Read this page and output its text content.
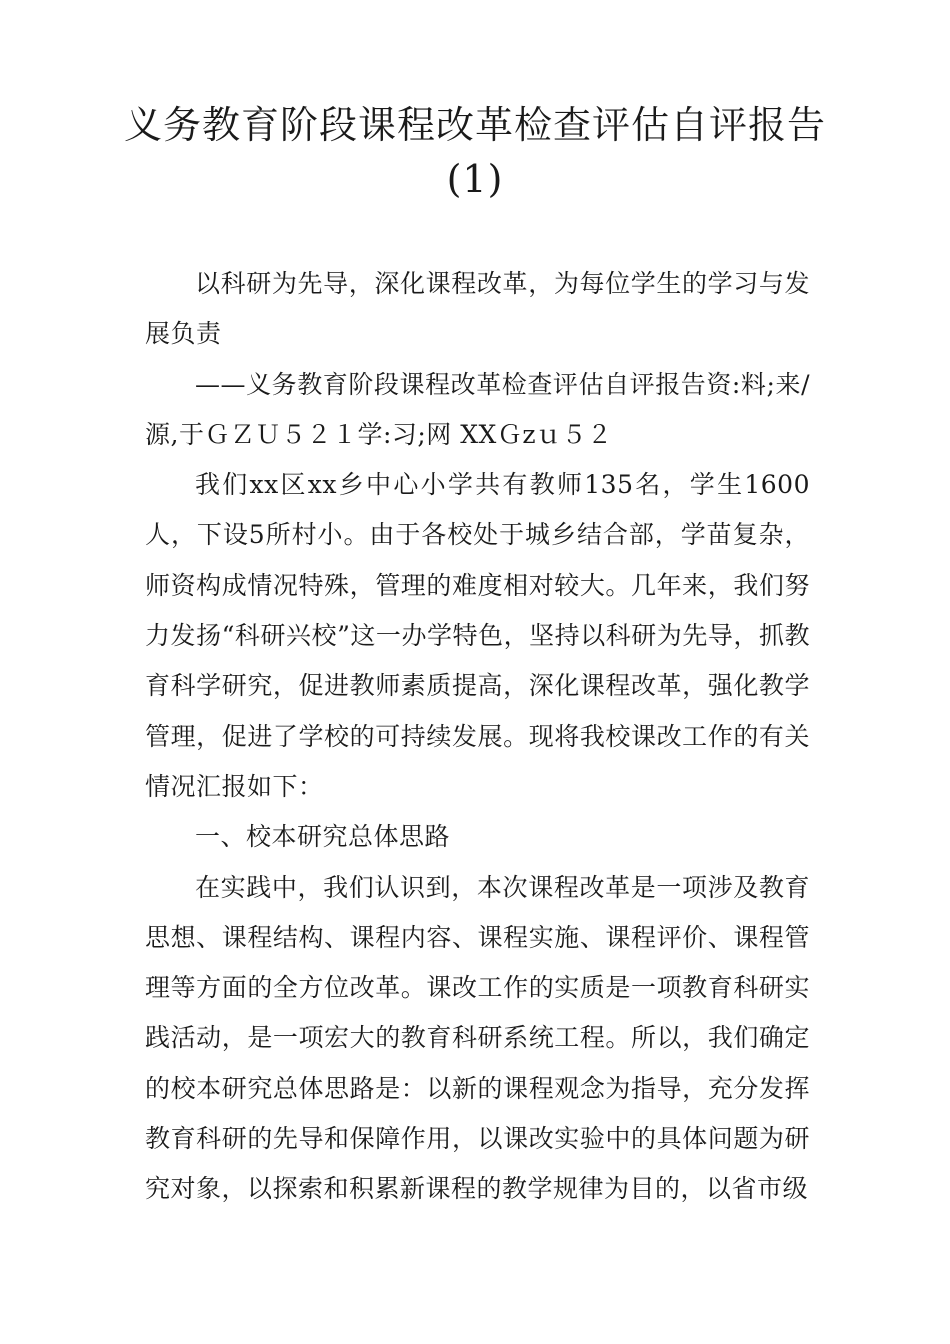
义务教育阶段课程改革检查评估自评报告(1)

以科研为先导，深化课程改革，为每位学生的学习与发展负责

——义务教育阶段课程改革检查评估自评报告资:料;来/源,于ＧＺＵ５２１学:习;网 XXＧzｕ５２

我们xx区xx乡中心小学共有教师135名，学生1600人，下设5所村小。由于各校处于城乡结合部，学苗复杂，师资构成情况特殊，管理的难度相对较大。几年来，我们努力发扬“科研兴校”这一办学特色，坚持以科研为先导，抓教育科学研究，促进教师素质提高，深化课程改革，强化教学管理，促进了学校的可持续发展。现将我校课改工作的有关情况汇报如下：

一、校本研究总体思路

在实践中，我们认识到，本次课程改革是一项涉及教育思想、课程结构、课程内容、课程实施、课程评价、课程管理等方面的全方位改革。课改工作的实质是一项教育科研实践活动，是一项宏大的教育科研系统工程。所以，我们确定的校本研究总体思路是：以新的课程观念为指导，充分发挥教育科研的先导和保障作用，以课改实验中的具体问题为研究对象，以探索和积累新课程的教学规律为目的，以省市级
